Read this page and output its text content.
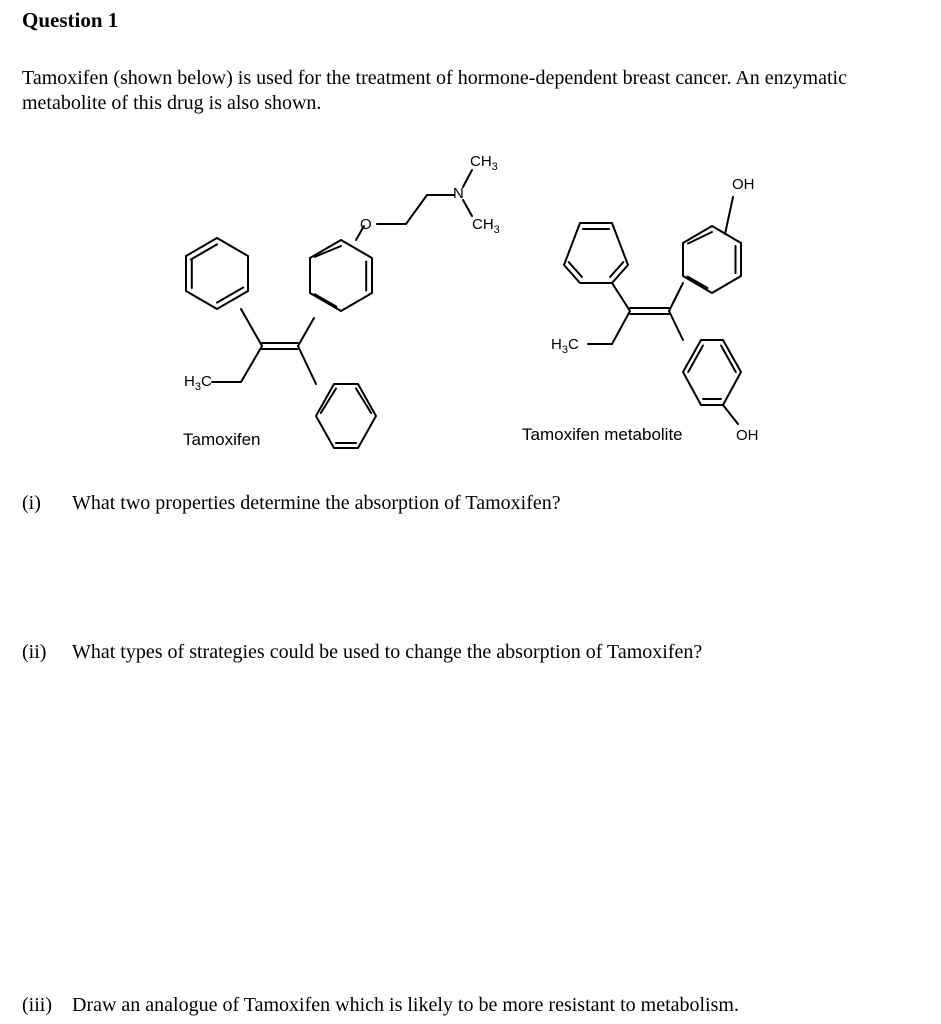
Question 1

Tamoxifen (shown below) is used for the treatment of hormone-dependent breast cancer. An enzymatic metabolite of this drug is also shown.

O
N
$CH_3$
$CH_3$
$H_3C$
$H_3C$
OH
OH
Tamoxifen	Tamoxifen metabolite

(i) What two properties determine the absorption of Tamoxifen?

(ii) What types of strategies could be used to change the absorption of Tamoxifen?

(iii) Draw an analogue of Tamoxifen which is likely to be more resistant to metabolism.
